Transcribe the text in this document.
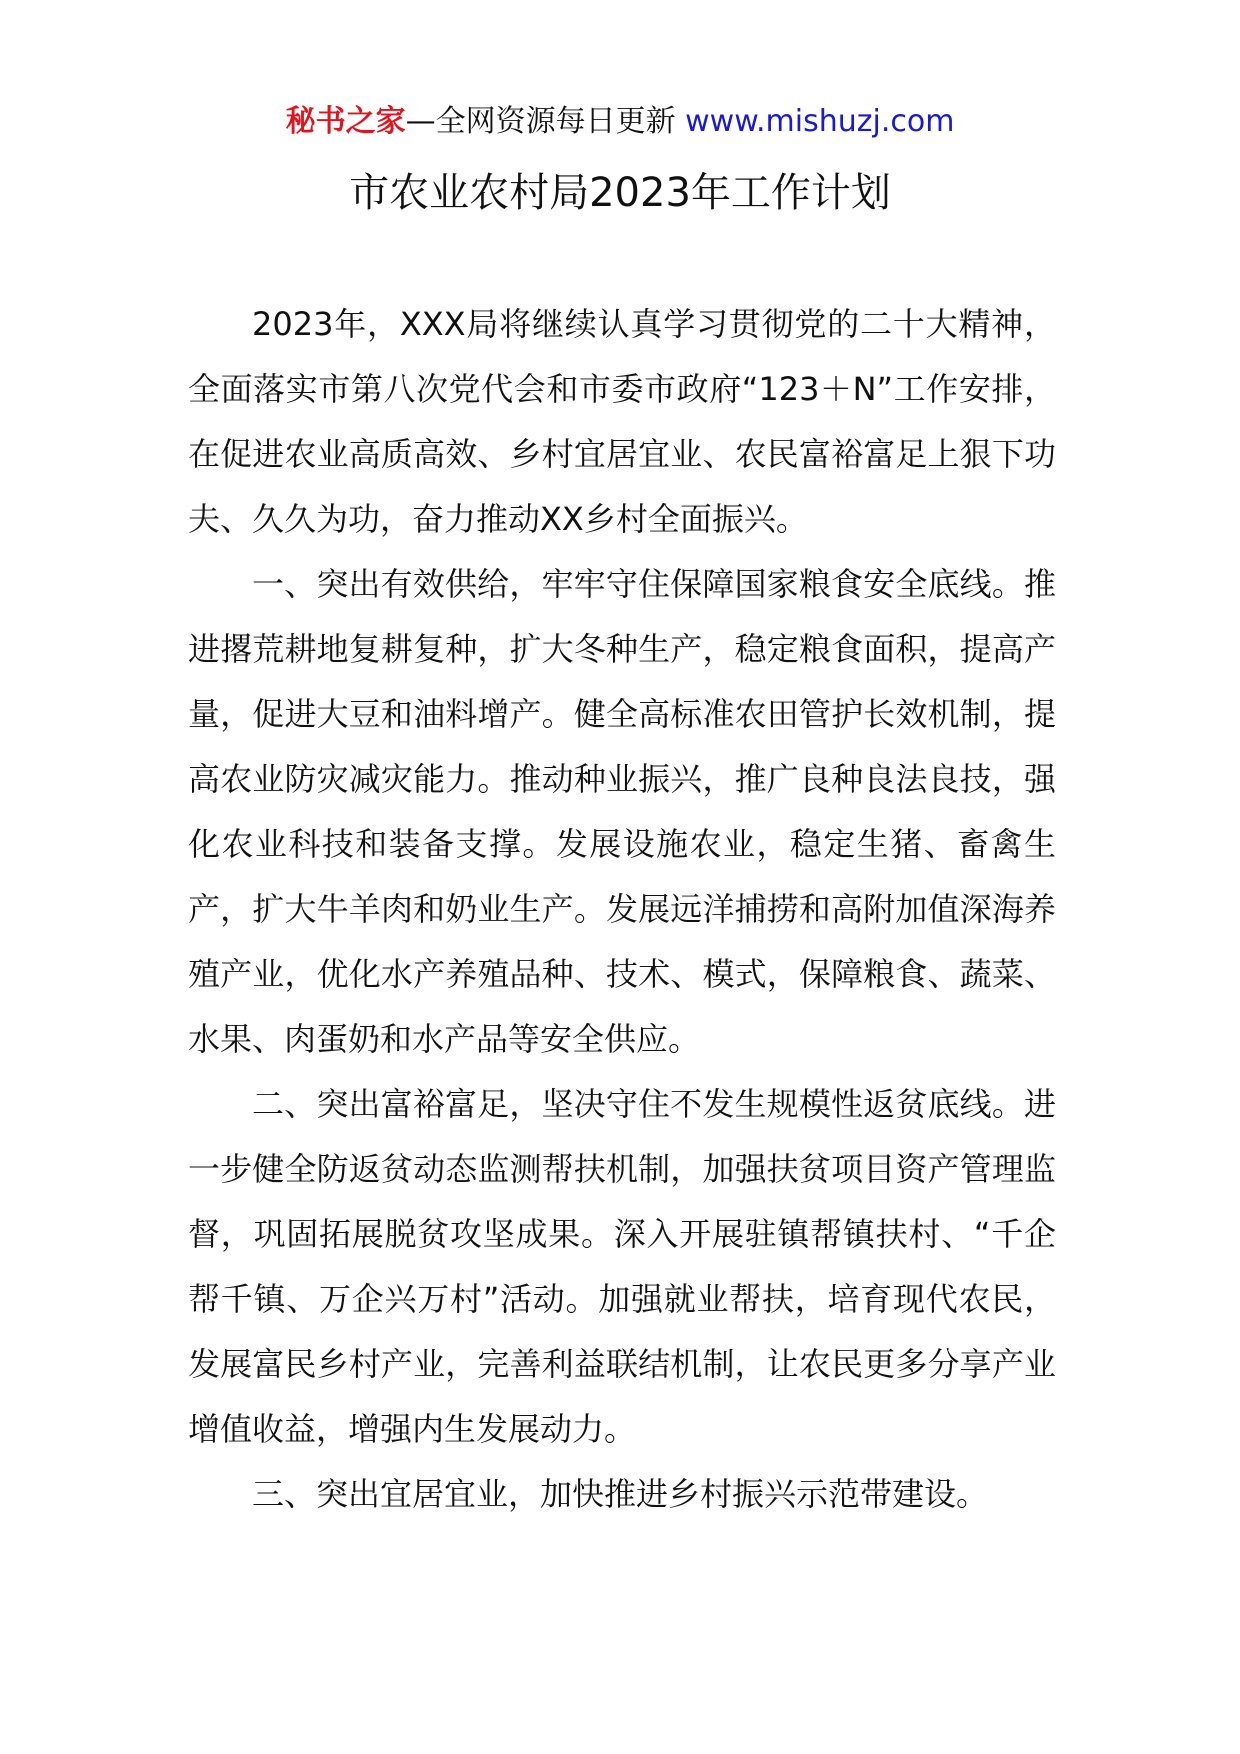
秘书之家—全网资源每日更新 www.mishuzj.com
市农业农村局2023年工作计划

2023年，XXX局将继续认真学习贯彻党的二十大精神，全面落实市第八次党代会和市委市政府“123＋N”工作安排，在促进农业高质高效、乡村宜居宜业、农民富裕富足上狠下功夫、久久为功，奋力推动XX乡村全面振兴。

一、突出有效供给，牢牢守住保障国家粮食安全底线。推进撂荒耕地复耕复种，扩大冬种生产，稳定粮食面积，提高产量，促进大豆和油料增产。健全高标准农田管护长效机制，提高农业防灾减灾能力。推动种业振兴，推广良种良法良技，强化农业科技和装备支撑。发展设施农业，稳定生猪、畜禽生产，扩大牛羊肉和奶业生产。发展远洋捕捞和高附加值深海养殖产业，优化水产养殖品种、技术、模式，保障粮食、蔬菜、水果、肉蛋奶和水产品等安全供应。

二、突出富裕富足，坚决守住不发生规模性返贫底线。进一步健全防返贫动态监测帮扶机制，加强扶贫项目资产管理监督，巩固拓展脱贫攻坚成果。深入开展驻镇帮镇扶村、“千企帮千镇、万企兴万村”活动。加强就业帮扶，培育现代农民，发展富民乡村产业，完善利益联结机制，让农民更多分享产业增值收益，增强内生发展动力。

三、突出宜居宜业，加快推进乡村振兴示范带建设。
